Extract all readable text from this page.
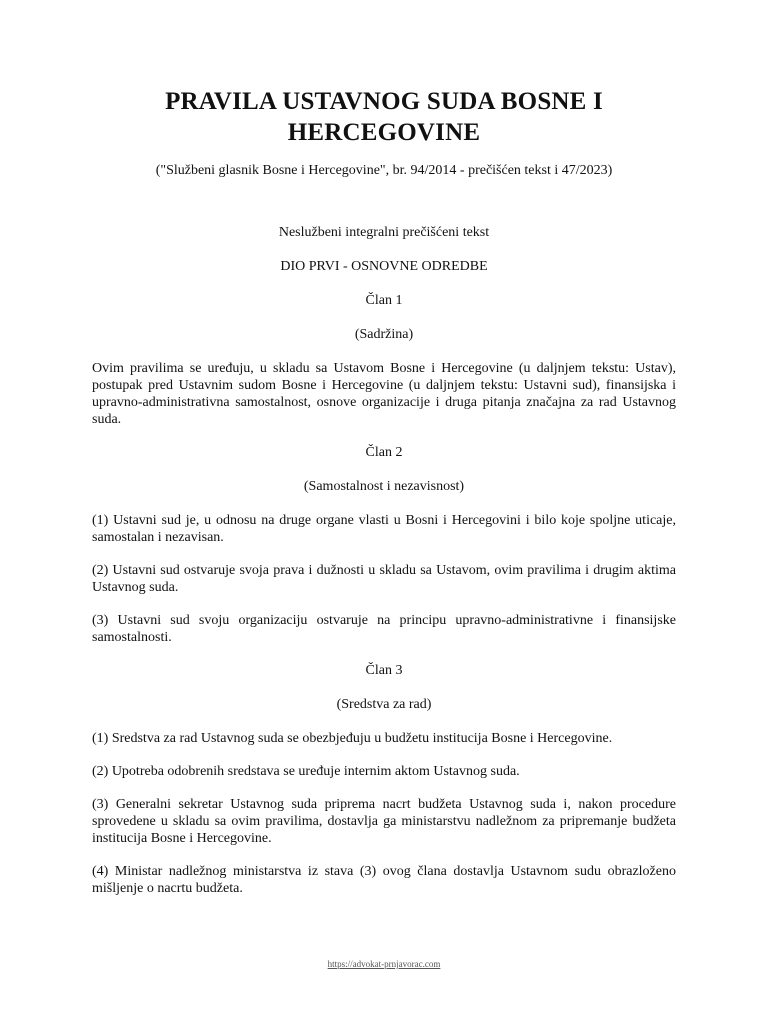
PRAVILA USTAVNOG SUDA BOSNE I HERCEGOVINE
("Službeni glasnik Bosne i Hercegovine", br. 94/2014 - prečišćen tekst i 47/2023)
Neslužbeni integralni prečišćeni tekst
DIO PRVI - OSNOVNE ODREDBE
Član 1
(Sadržina)
Ovim pravilima se uređuju, u skladu sa Ustavom Bosne i Hercegovine (u daljnjem tekstu: Ustav), postupak pred Ustavnim sudom Bosne i Hercegovine (u daljnjem tekstu: Ustavni sud), finansijska i upravno-administrativna samostalnost, osnove organizacije i druga pitanja značajna za rad Ustavnog suda.
Član 2
(Samostalnost i nezavisnost)
(1) Ustavni sud je, u odnosu na druge organe vlasti u Bosni i Hercegovini i bilo koje spoljne uticaje, samostalan i nezavisan.
(2) Ustavni sud ostvaruje svoja prava i dužnosti u skladu sa Ustavom, ovim pravilima i drugim aktima Ustavnog suda.
(3) Ustavni sud svoju organizaciju ostvaruje na principu upravno-administrativne i finansijske samostalnosti.
Član 3
(Sredstva za rad)
(1) Sredstva za rad Ustavnog suda se obezbjeđuju u budžetu institucija Bosne i Hercegovine.
(2) Upotreba odobrenih sredstava se uređuje internim aktom Ustavnog suda.
(3) Generalni sekretar Ustavnog suda priprema nacrt budžeta Ustavnog suda i, nakon procedure sprovedene u skladu sa ovim pravilima, dostavlja ga ministarstvu nadležnom za pripremanje budžeta institucija Bosne i Hercegovine.
(4) Ministar nadležnog ministarstva iz stava (3) ovog člana dostavlja Ustavnom sudu obrazloženo mišljenje o nacrtu budžeta.
https://advokat-prnjavorac.com
